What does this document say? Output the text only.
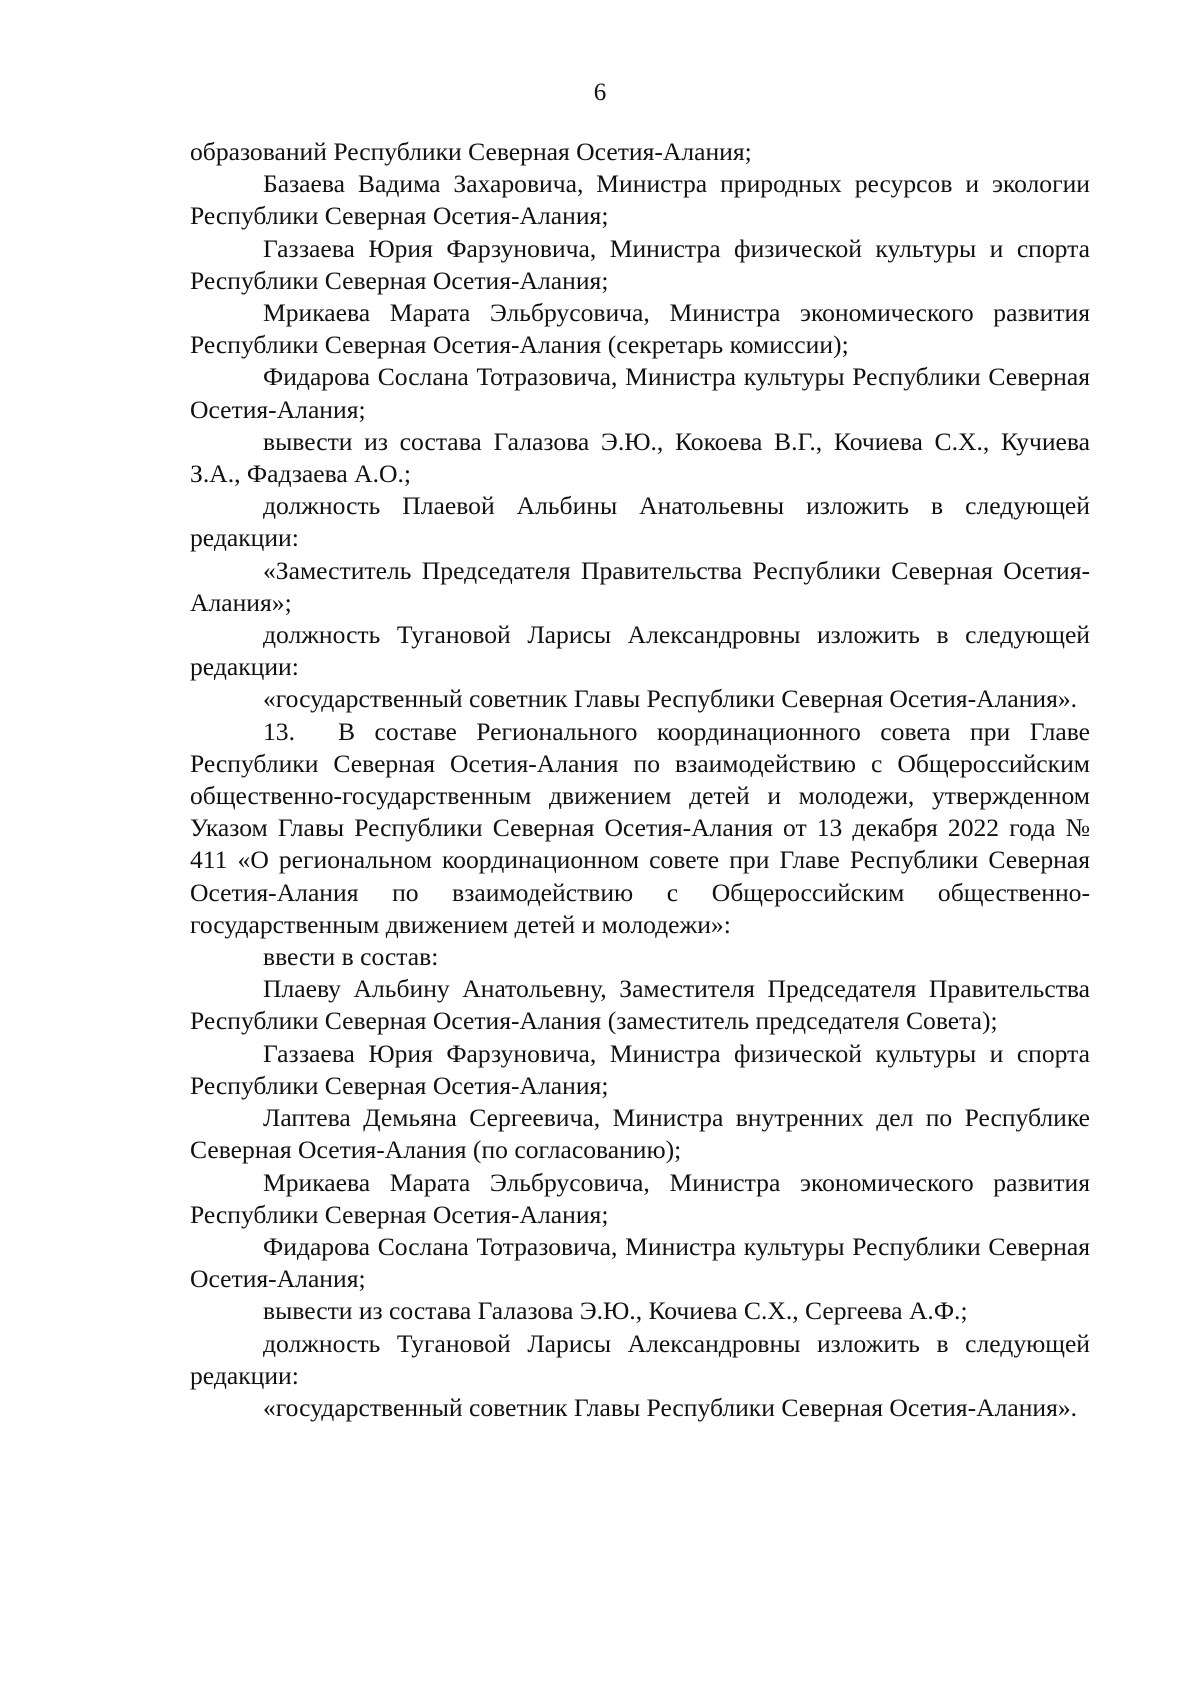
6

образований Республики Северная Осетия-Алания;

Базаева Вадима Захаровича, Министра природных ресурсов и экологии Республики Северная Осетия-Алания;

Газзаева Юрия Фарзуновича, Министра физической культуры и спорта Республики Северная Осетия-Алания;

Мрикаева Марата Эльбрусовича, Министра экономического развития Республики Северная Осетия-Алания (секретарь комиссии);

Фидарова Сослана Тотразовича, Министра культуры Республики Северная Осетия-Алания;

вывести из состава Галазова Э.Ю., Кокоева В.Г., Кочиева С.Х., Кучиева З.А., Фадзаева А.О.;

должность Плаевой Альбины Анатольевны изложить в следующей редакции:

«Заместитель Председателя Правительства Республики Северная Осетия-Алания»;

должность Тугановой Ларисы Александровны изложить в следующей редакции:

«государственный советник Главы Республики Северная Осетия-Алания».

13. В составе Регионального координационного совета при Главе Республики Северная Осетия-Алания по взаимодействию с Общероссийским общественно-государственным движением детей и молодежи, утвержденном Указом Главы Республики Северная Осетия-Алания от 13 декабря 2022 года № 411 «О региональном координационном совете при Главе Республики Северная Осетия-Алания по взаимодействию с Общероссийским общественно-государственным движением детей и молодежи»:

ввести в состав:

Плаеву Альбину Анатольевну, Заместителя Председателя Правительства Республики Северная Осетия-Алания (заместитель председателя Совета);

Газзаева Юрия Фарзуновича, Министра физической культуры и спорта Республики Северная Осетия-Алания;

Лаптева Демьяна Сергеевича, Министра внутренних дел по Республике Северная Осетия-Алания (по согласованию);

Мрикаева Марата Эльбрусовича, Министра экономического развития Республики Северная Осетия-Алания;

Фидарова Сослана Тотразовича, Министра культуры Республики Северная Осетия-Алания;

вывести из состава Галазова Э.Ю., Кочиева С.Х., Сергеева А.Ф.;

должность Тугановой Ларисы Александровны изложить в следующей редакции:

«государственный советник Главы Республики Северная Осетия-Алания».
